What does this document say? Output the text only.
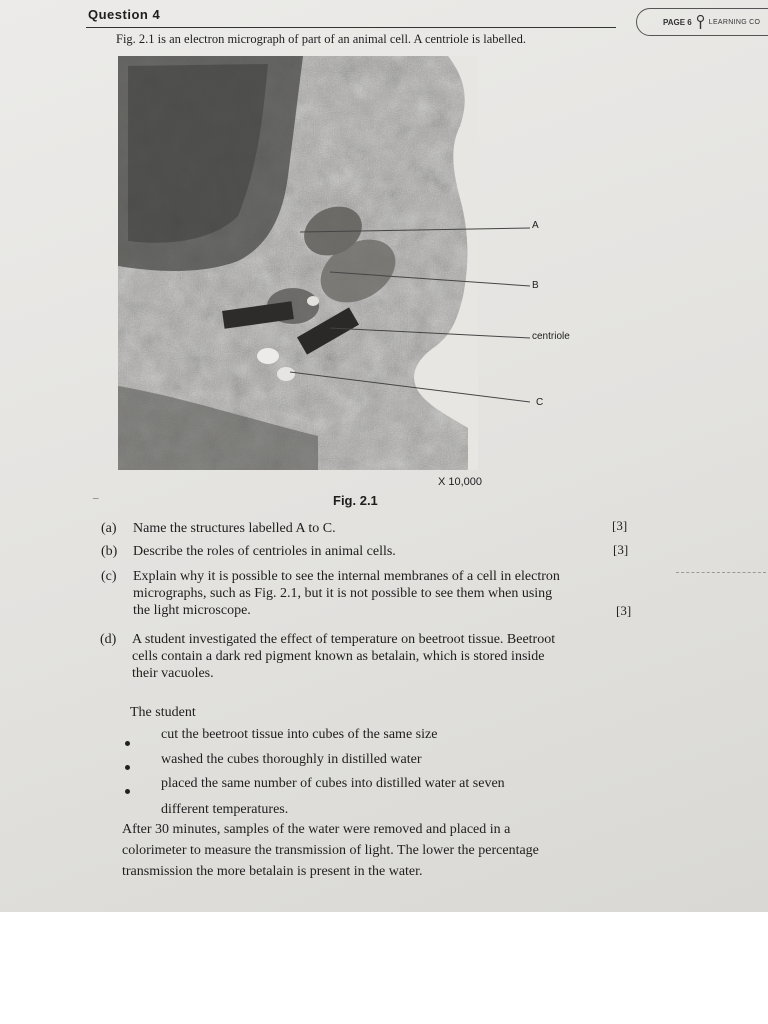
Question 4	PAGE 6 LEARNING CO
Fig. 2.1 is an electron micrograph of part of an animal cell. A centriole is labelled.
A
B
centriole
C
X 10,000
–	Fig. 2.1
(a) Name the structures labelled A to C.	[3]
(b) Describe the roles of centrioles in animal cells.	[3]
(c) Explain why it is possible to see the internal membranes of a cell in electron
micrographs, such as Fig. 2.1, but it is not possible to see them when using
the light microscope.	[3]
(d) A student investigated the effect of temperature on beetroot tissue. Beetroot
cells contain a dark red pigment known as betalain, which is stored inside
their vacuoles.
The student
cut the beetroot tissue into cubes of the same size
washed the cubes thoroughly in distilled water
placed the same number of cubes into distilled water at seven
different temperatures.
After 30 minutes, samples of the water were removed and placed in a
colorimeter to measure the transmission of light. The lower the percentage
transmission the more betalain is present in the water.
